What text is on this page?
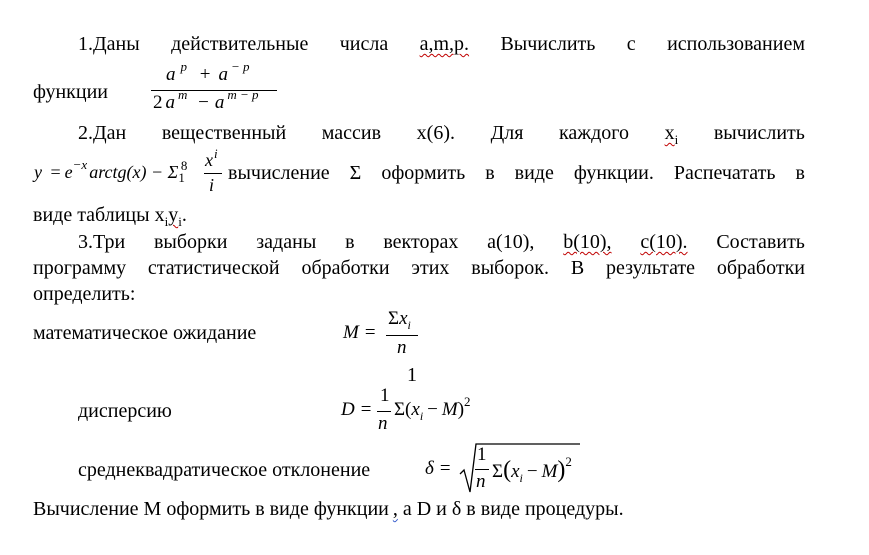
1.Даны действительные числа a,m,p. Вычислить с использованием
функции
a $^p$ + a $^{- p}$
2 a $^m$ − a $^{m - p}$
2.Дан вещественный массив x(6). Для каждого $x_i$ вычислить
$y = e^{-x}$ arctg(x) − $\Sigma_1^8$ $x^i$
i
вычисление Σ оформить в виде функции. Распечатать в
виде таблицы $x_iy_i$.
3.Три выборки заданы в векторах a(10), b(10), c(10). Составить
программу статистической обработки этих выборок. В результате обработки
определить:
математическое ожидание	M =
$\Sigma x_i$
n
1
дисперсию	D =
1
n
$\Sigma(x_i - M)^2$
среднеквадратическое отклонение	δ =
1
n $\Sigma(x_i - M)^2$
Вычисление M оформить в виде функции , a D и δ в виде процедуры.
